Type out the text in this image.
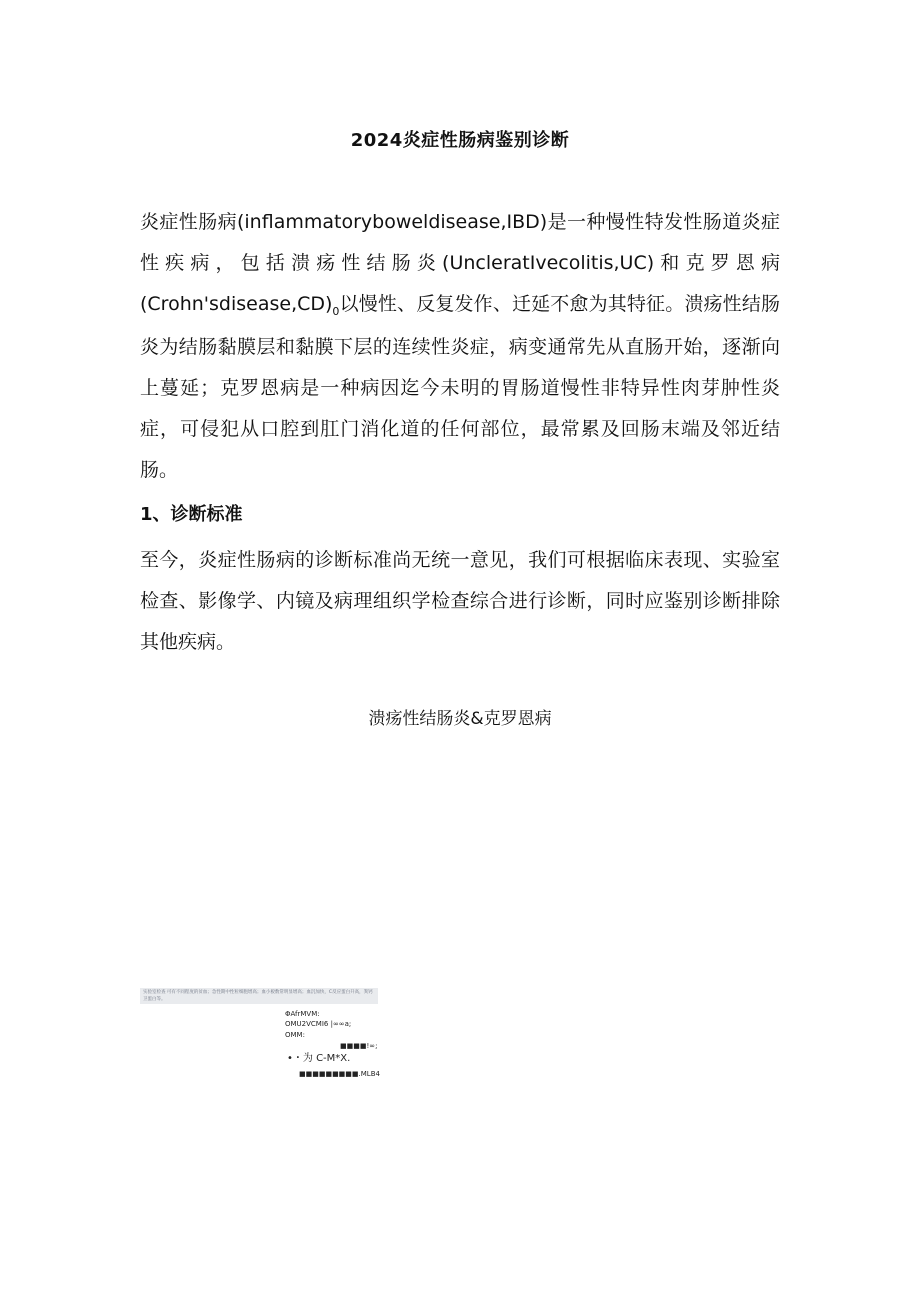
2024炎症性肠病鉴别诊断

炎症性肠病(inflammatoryboweldisease,IBD)是一种慢性特发性肠道炎症性疾病，包括溃疡性结肠炎(UncleratIvecolitis,UC)和克罗恩病$(Crohn'sdisease,CD)_0$以慢性、反复发作、迁延不愈为其特征。溃疡性结肠炎为结肠黏膜层和黏膜下层的连续性炎症，病变通常先从直肠开始，逐渐向上蔓延；克罗恩病是一种病因迄今未明的胃肠道慢性非特异性肉芽肿性炎症，可侵犯从口腔到肛门消化道的任何部位，最常累及回肠末端及邻近结肠。

1、诊断标准

至今，炎症性肠病的诊断标准尚无统一意见，我们可根据临床表现、实验室检查、影像学、内镜及病理组织学检查综合进行诊断，同时应鉴别诊断排除其他疾病。

溃疡性结肠炎&克罗恩病
实验室检查 可有不同程度的贫血；急性期中性粒细胞增高；血小板数常明显增高；血沉加快，C反应蛋白升高，粪钙卫蛋白等。
ΦAfrMVM:
OMU2VCMI6 |∞∞a;
OMM:
■■■■!∞;
•・为 C-M*X.
■■■■■■■■■.MLB4
